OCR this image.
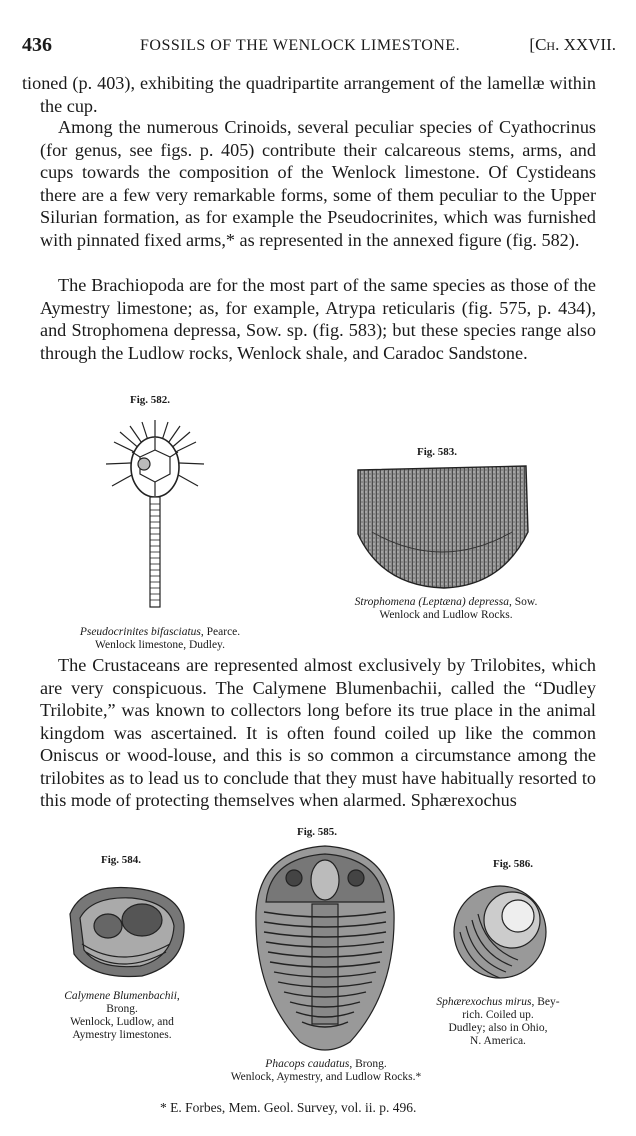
436	FOSSILS OF THE WENLOCK LIMESTONE.	[Ch. XXVII.
tioned (p. 403), exhibiting the quadripartite arrangement of the lamellæ within the cup.
Among the numerous Crinoids, several peculiar species of Cyathocrinus (for genus, see figs. p. 405) contribute their calcareous stems, arms, and cups towards the composition of the Wenlock limestone. Of Cystideans there are a few very remarkable forms, some of them peculiar to the Upper Silurian formation, as for example the Pseudocrinites, which was furnished with pinnated fixed arms,* as represented in the annexed figure (fig. 582).
The Brachiopoda are for the most part of the same species as those of the Aymestry limestone; as, for example, Atrypa reticularis (fig. 575, p. 434), and Strophomena depressa, Sow. sp. (fig. 583); but these species range also through the Ludlow rocks, Wenlock shale, and Caradoc Sandstone.
Fig. 582.
Pseudocrinites bifasciatus, Pearce.
Wenlock limestone, Dudley.
Fig. 583.
Strophomena (Leptæna) depressa, Sow.
Wenlock and Ludlow Rocks.
The Crustaceans are represented almost exclusively by Trilobites, which are very conspicuous. The Calymene Blumenbachii, called the “Dudley Trilobite,” was known to collectors long before its true place in the animal kingdom was ascertained. It is often found coiled up like the common Oniscus or wood-louse, and this is so common a circumstance among the trilobites as to lead us to conclude that they must have habitually resorted to this mode of protecting themselves when alarmed. Sphærexochus
Fig. 585.
Fig. 584.
Calymene Blumenbachii,
Brong.
Wenlock, Ludlow, and
Aymestry limestones.
Phacops caudatus, Brong.
Wenlock, Aymestry, and Ludlow Rocks.*
Fig. 586.
Sphærexochus mirus, Bey-
rich. Coiled up.
Dudley; also in Ohio,
N. America.
* E. Forbes, Mem. Geol. Survey, vol. ii. p. 496.
